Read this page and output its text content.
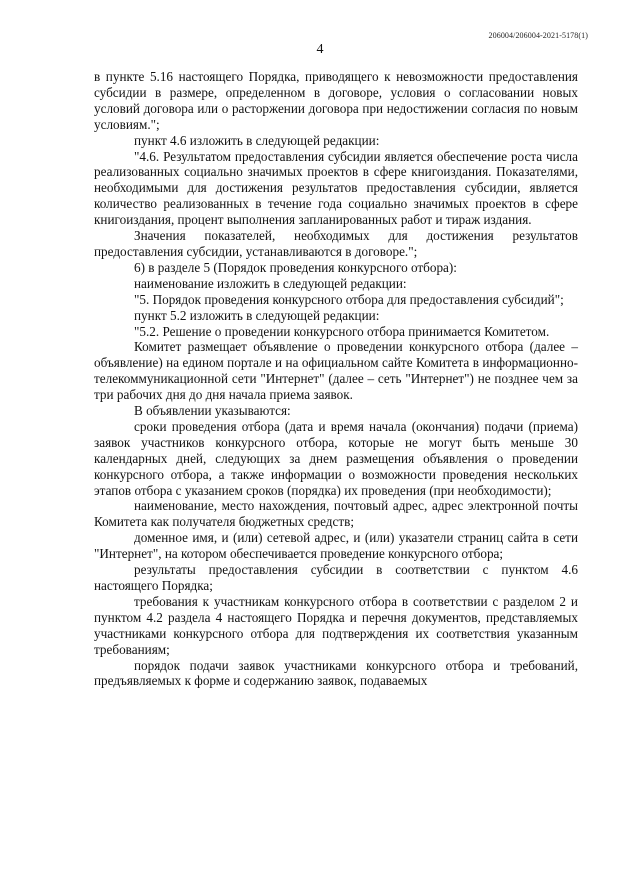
206004/206004-2021-5178(1)
4

в пункте 5.16 настоящего Порядка, приводящего к невозможности предоставления субсидии в размере, определенном в договоре, условия о согласовании новых условий договора или о расторжении договора при недостижении согласия по новым условиям.";

пункт 4.6 изложить в следующей редакции:

"4.6. Результатом предоставления субсидии является обеспечение роста числа реализованных социально значимых проектов в сфере книгоиздания. Показателями, необходимыми для достижения результатов предоставления субсидии, является количество реализованных в течение года социально значимых проектов в сфере книгоиздания, процент выполнения запланированных работ и тираж издания.

Значения показателей, необходимых для достижения результатов предоставления субсидии, устанавливаются в договоре.";

6) в разделе 5 (Порядок проведения конкурсного отбора):

наименование изложить в следующей редакции:

"5. Порядок проведения конкурсного отбора для предоставления субсидий";

пункт 5.2 изложить в следующей редакции:

"5.2. Решение о проведении конкурсного отбора принимается Комитетом.

Комитет размещает объявление о проведении конкурсного отбора (далее – объявление) на едином портале и на официальном сайте Комитета в информационно-телекоммуникационной сети "Интернет" (далее – сеть "Интернет") не позднее чем за три рабочих дня до дня начала приема заявок.

В объявлении указываются:

сроки проведения отбора (дата и время начала (окончания) подачи (приема) заявок участников конкурсного отбора, которые не могут быть меньше 30 календарных дней, следующих за днем размещения объявления о проведении конкурсного отбора, а также информации о возможности проведения нескольких этапов отбора с указанием сроков (порядка) их проведения (при необходимости);

наименование, место нахождения, почтовый адрес, адрес электронной почты Комитета как получателя бюджетных средств;

доменное имя, и (или) сетевой адрес, и (или) указатели страниц сайта в сети "Интернет", на котором обеспечивается проведение конкурсного отбора;

результаты предоставления субсидии в соответствии с пунктом 4.6 настоящего Порядка;

требования к участникам конкурсного отбора в соответствии с разделом 2 и пунктом 4.2 раздела 4 настоящего Порядка и перечня документов, представляемых участниками конкурсного отбора для подтверждения их соответствия указанным требованиям;

порядок подачи заявок участниками конкурсного отбора и требований, предъявляемых к форме и содержанию заявок, подаваемых
